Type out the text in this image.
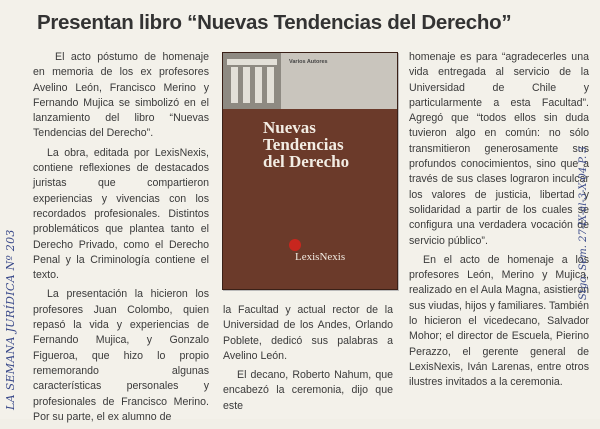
Presentan libro “Nuevas Tendencias del Derecho”

El acto póstumo de homenaje en memoria de los ex profesores Avelino León, Francisco Merino y Fernando Mujica se simbolizó en el lanzamiento del libro “Nuevas Tendencias del Derecho”.

La obra, editada por LexisNexis, contiene reflexiones de destacados juristas que compartieron experiencias y vivencias con los recordados profesionales. Distintos problemáticos que plantea tanto el Derecho Privado, como el Derecho Penal y la Criminología contiene el texto.

La presentación la hicieron los profesores Juan Colombo, quien repasó la vida y experiencias de Fernando Mujica, y Gonzalo Figueroa, que hizo lo propio rememorando algunas características personales y profesionales de Francisco Merino. Por su parte, el ex alumno de

Varios Autores
Nuevas
Tendencias
del Derecho
LexisNexis

la Facultad y actual rector de la Universidad de los Andes, Orlando Poblete, dedicó sus palabras a Avelino León.

El decano, Roberto Nahum, que encabezó la ceremonia, dijo que este

homenaje es para “agradecerles una vida entregada al servicio de la Universidad de Chile y particularmente a esta Facultad”. Agregó que “todos ellos sin duda tuvieron algo en común: no sólo transmitieron generosamente sus profundos conocimientos, sino que a través de sus clases lograron inculcar los valores de justicia, libertad y solidaridad a partir de los cuales se configura una verdadera vocación de servicio público”.

En el acto de homenaje a los profesores León, Merino y Mujica, realizado en el Aula Magna, asistieron sus viudas, hijos y familiares. También lo hicieron el vicedecano, Salvador Mohor; el director de Escuela, Pierino Perazzo, el gerente general de LexisNexis, Iván Larenas, entre otros ilustres invitados a la ceremonia.

LA SEMANA JURÍDICA Nº 203
Stgo. Sem. 27-IX-al-3-X-04 P. 3
